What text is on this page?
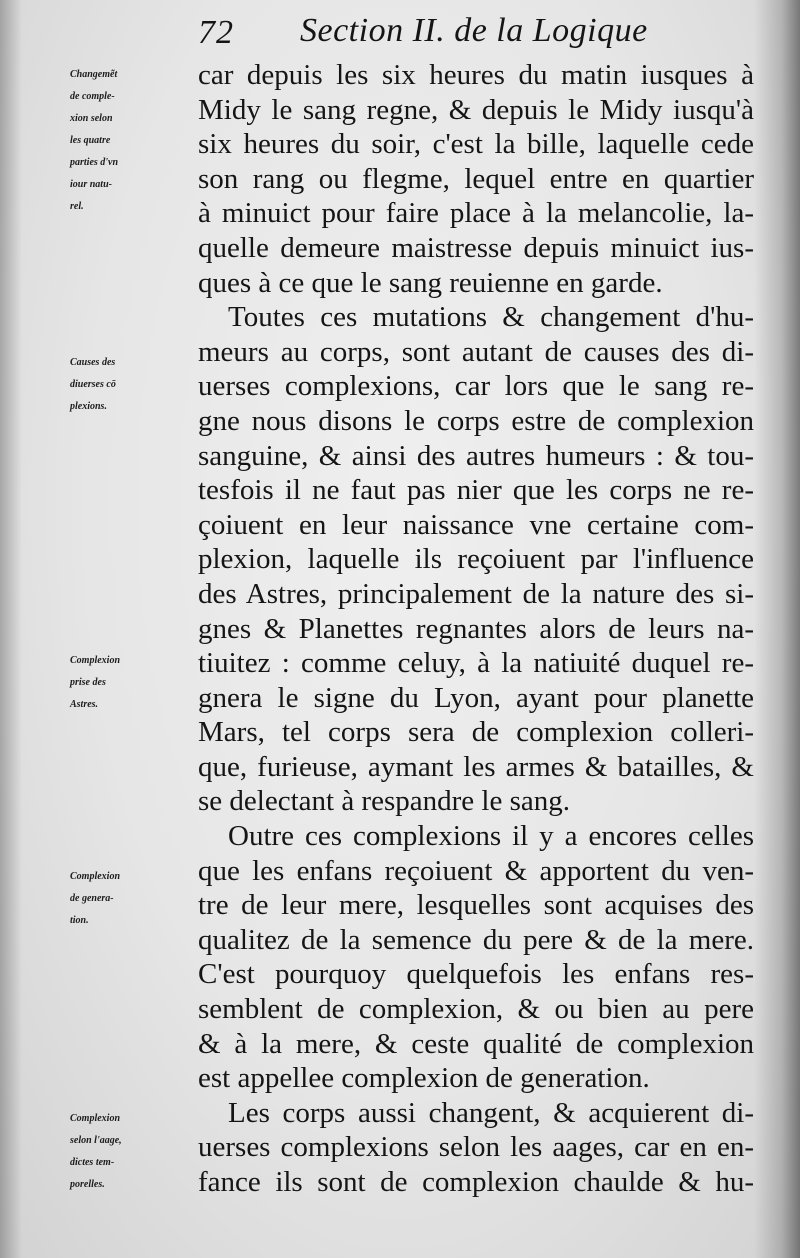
72 Section II. de la Logique
Changemẽt
de comple-
xion selon
les quatre
parties d'vn
iour natu-
rel.
Causes des
diuerses cō
plexions.
Complexion
prise des
Astres.
Complexion
de genera-
tion.
Complexion
selon l'aage,
dictes tem-
porelles.
car depuis les six heures du matin iusques à
Midy le sang regne, & depuis le Midy iusqu'à
six heures du soir, c'est la bille, laquelle cede
son rang ou flegme, lequel entre en quartier
à minuict pour faire place à la melancolie, la-
quelle demeure maistresse depuis minuict ius-
ques à ce que le sang reuienne en garde.
Toutes ces mutations & changement d'hu-
meurs au corps, sont autant de causes des di-
uerses complexions, car lors que le sang re-
gne nous disons le corps estre de complexion
sanguine, & ainsi des autres humeurs : & tou-
tesfois il ne faut pas nier que les corps ne re-
çoiuent en leur naissance vne certaine com-
plexion, laquelle ils reçoiuent par l'influence
des Astres, principalement de la nature des si-
gnes & Planettes regnantes alors de leurs na-
tiuitez : comme celuy, à la natiuité duquel re-
gnera le signe du Lyon, ayant pour planette
Mars, tel corps sera de complexion colleri-
que, furieuse, aymant les armes & batailles, &
se delectant à respandre le sang.
Outre ces complexions il y a encores celles
que les enfans reçoiuent & apportent du ven-
tre de leur mere, lesquelles sont acquises des
qualitez de la semence du pere & de la mere.
C'est pourquoy quelquefois les enfans res-
semblent de complexion, & ou bien au pere
& à la mere, & ceste qualité de complexion
est appellee complexion de generation.
Les corps aussi changent, & acquierent di-
uerses complexions selon les aages, car en en-
fance ils sont de complexion chaulde & hu-
